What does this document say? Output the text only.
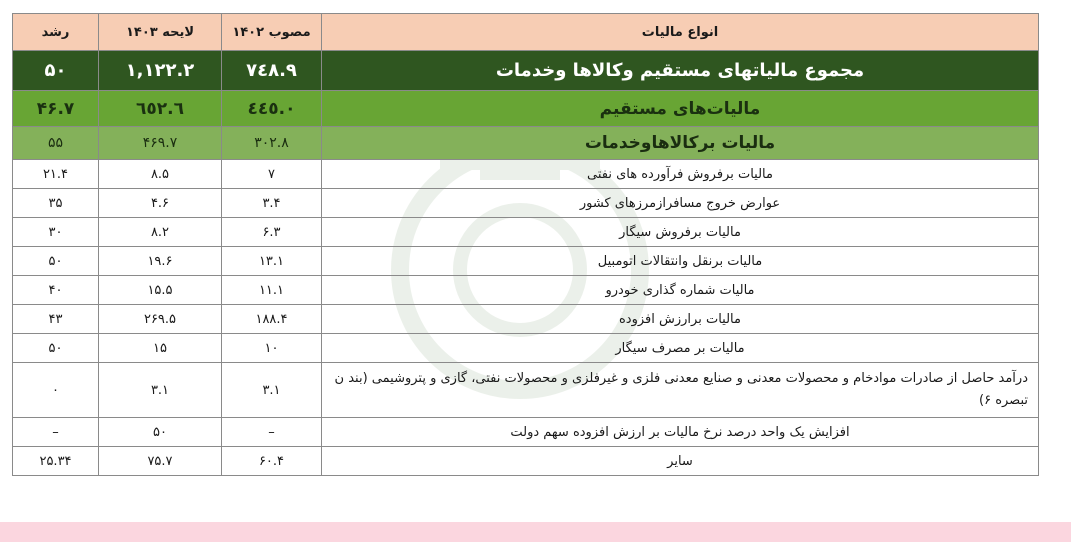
رشد	لایحه ۱۴۰۳	مصوب ۱۴۰۲	انواع مالیات
۵۰	۱,۱۲۲.۲	۷٤۸.۹	مجموع مالیاتهای مستقیم وکالاها وخدمات
۴۶.۷	٦٥٢.٦	٤٤٥.٠	مالیات‌های مستقیم
۵۵	۴۶۹.۷	۳۰۲.۸	مالیات برکالاهاوخدمات
۲۱.۴	۸.۵	۷	مالیات برفروش فرآورده های نفتی
۳۵	۴.۶	۳.۴	عوارض خروج مسافرازمرزهای کشور
۳۰	۸.۲	۶.۳	مالیات برفروش سیگار
۵۰	۱۹.۶	۱۳.۱	مالیات برنقل وانتقالات اتومبیل
۴۰	۱۵.۵	۱۱.۱	مالیات شماره گذاری خودرو
۴۳	۲۶۹.۵	۱۸۸.۴	مالیات برارزش افزوده
۵۰	۱۵	۱۰	مالیات بر مصرف سیگار
۰	۳.۱	۳.۱	درآمد حاصل از صادرات موادخام و محصولات معدنی و صنایع معدنی فلزی و غیرفلزی و محصولات نفتی، گازی و پتروشیمی (بند ن تبصره ۶)
–	۵۰	–	افزایش یک واحد درصد نرخ مالیات بر ارزش افزوده سهم دولت
۲۵.۳۴	۷۵.۷	۶۰.۴	سایر
